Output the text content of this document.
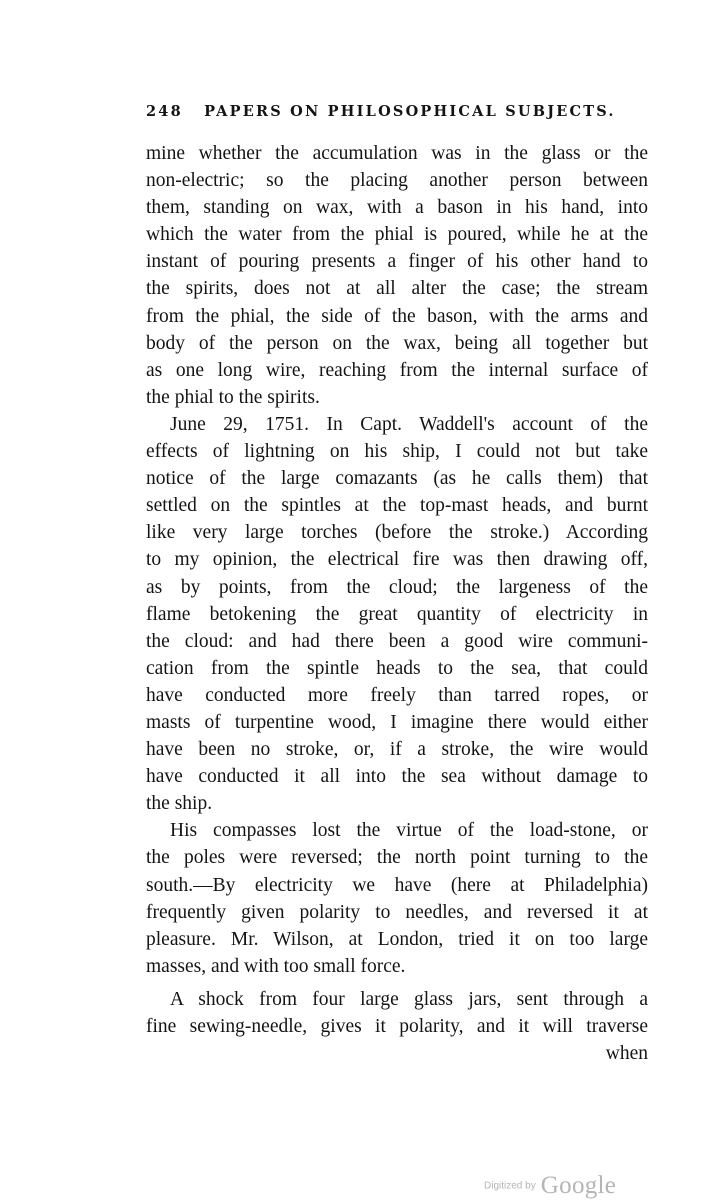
248 PAPERS ON PHILOSOPHICAL SUBJECTS.

mine whether the accumulation was in the glass or the
non-electric; so the placing another person between
them, standing on wax, with a bason in his hand, into
which the water from the phial is poured, while he at the
instant of pouring presents a finger of his other hand to
the spirits, does not at all alter the case; the stream
from the phial, the side of the bason, with the arms and
body of the person on the wax, being all together but
as one long wire, reaching from the internal surface of
the phial to the spirits.

June 29, 1751. In Capt. Waddell's account of the
effects of lightning on his ship, I could not but take
notice of the large comazants (as he calls them) that
settled on the spintles at the top-mast heads, and burnt
like very large torches (before the stroke.) According
to my opinion, the electrical fire was then drawing off,
as by points, from the cloud; the largeness of the
flame betokening the great quantity of electricity in
the cloud: and had there been a good wire communi-
cation from the spintle heads to the sea, that could
have conducted more freely than tarred ropes, or
masts of turpentine wood, I imagine there would either
have been no stroke, or, if a stroke, the wire would
have conducted it all into the sea without damage to
the ship.

His compasses lost the virtue of the load-stone, or
the poles were reversed; the north point turning to the
south.—By electricity we have (here at Philadelphia)
frequently given polarity to needles, and reversed it at
pleasure. Mr. Wilson, at London, tried it on too large
masses, and with too small force.

A shock from four large glass jars, sent through a
fine sewing-needle, gives it polarity, and it will traverse
when

Digitized by Google
